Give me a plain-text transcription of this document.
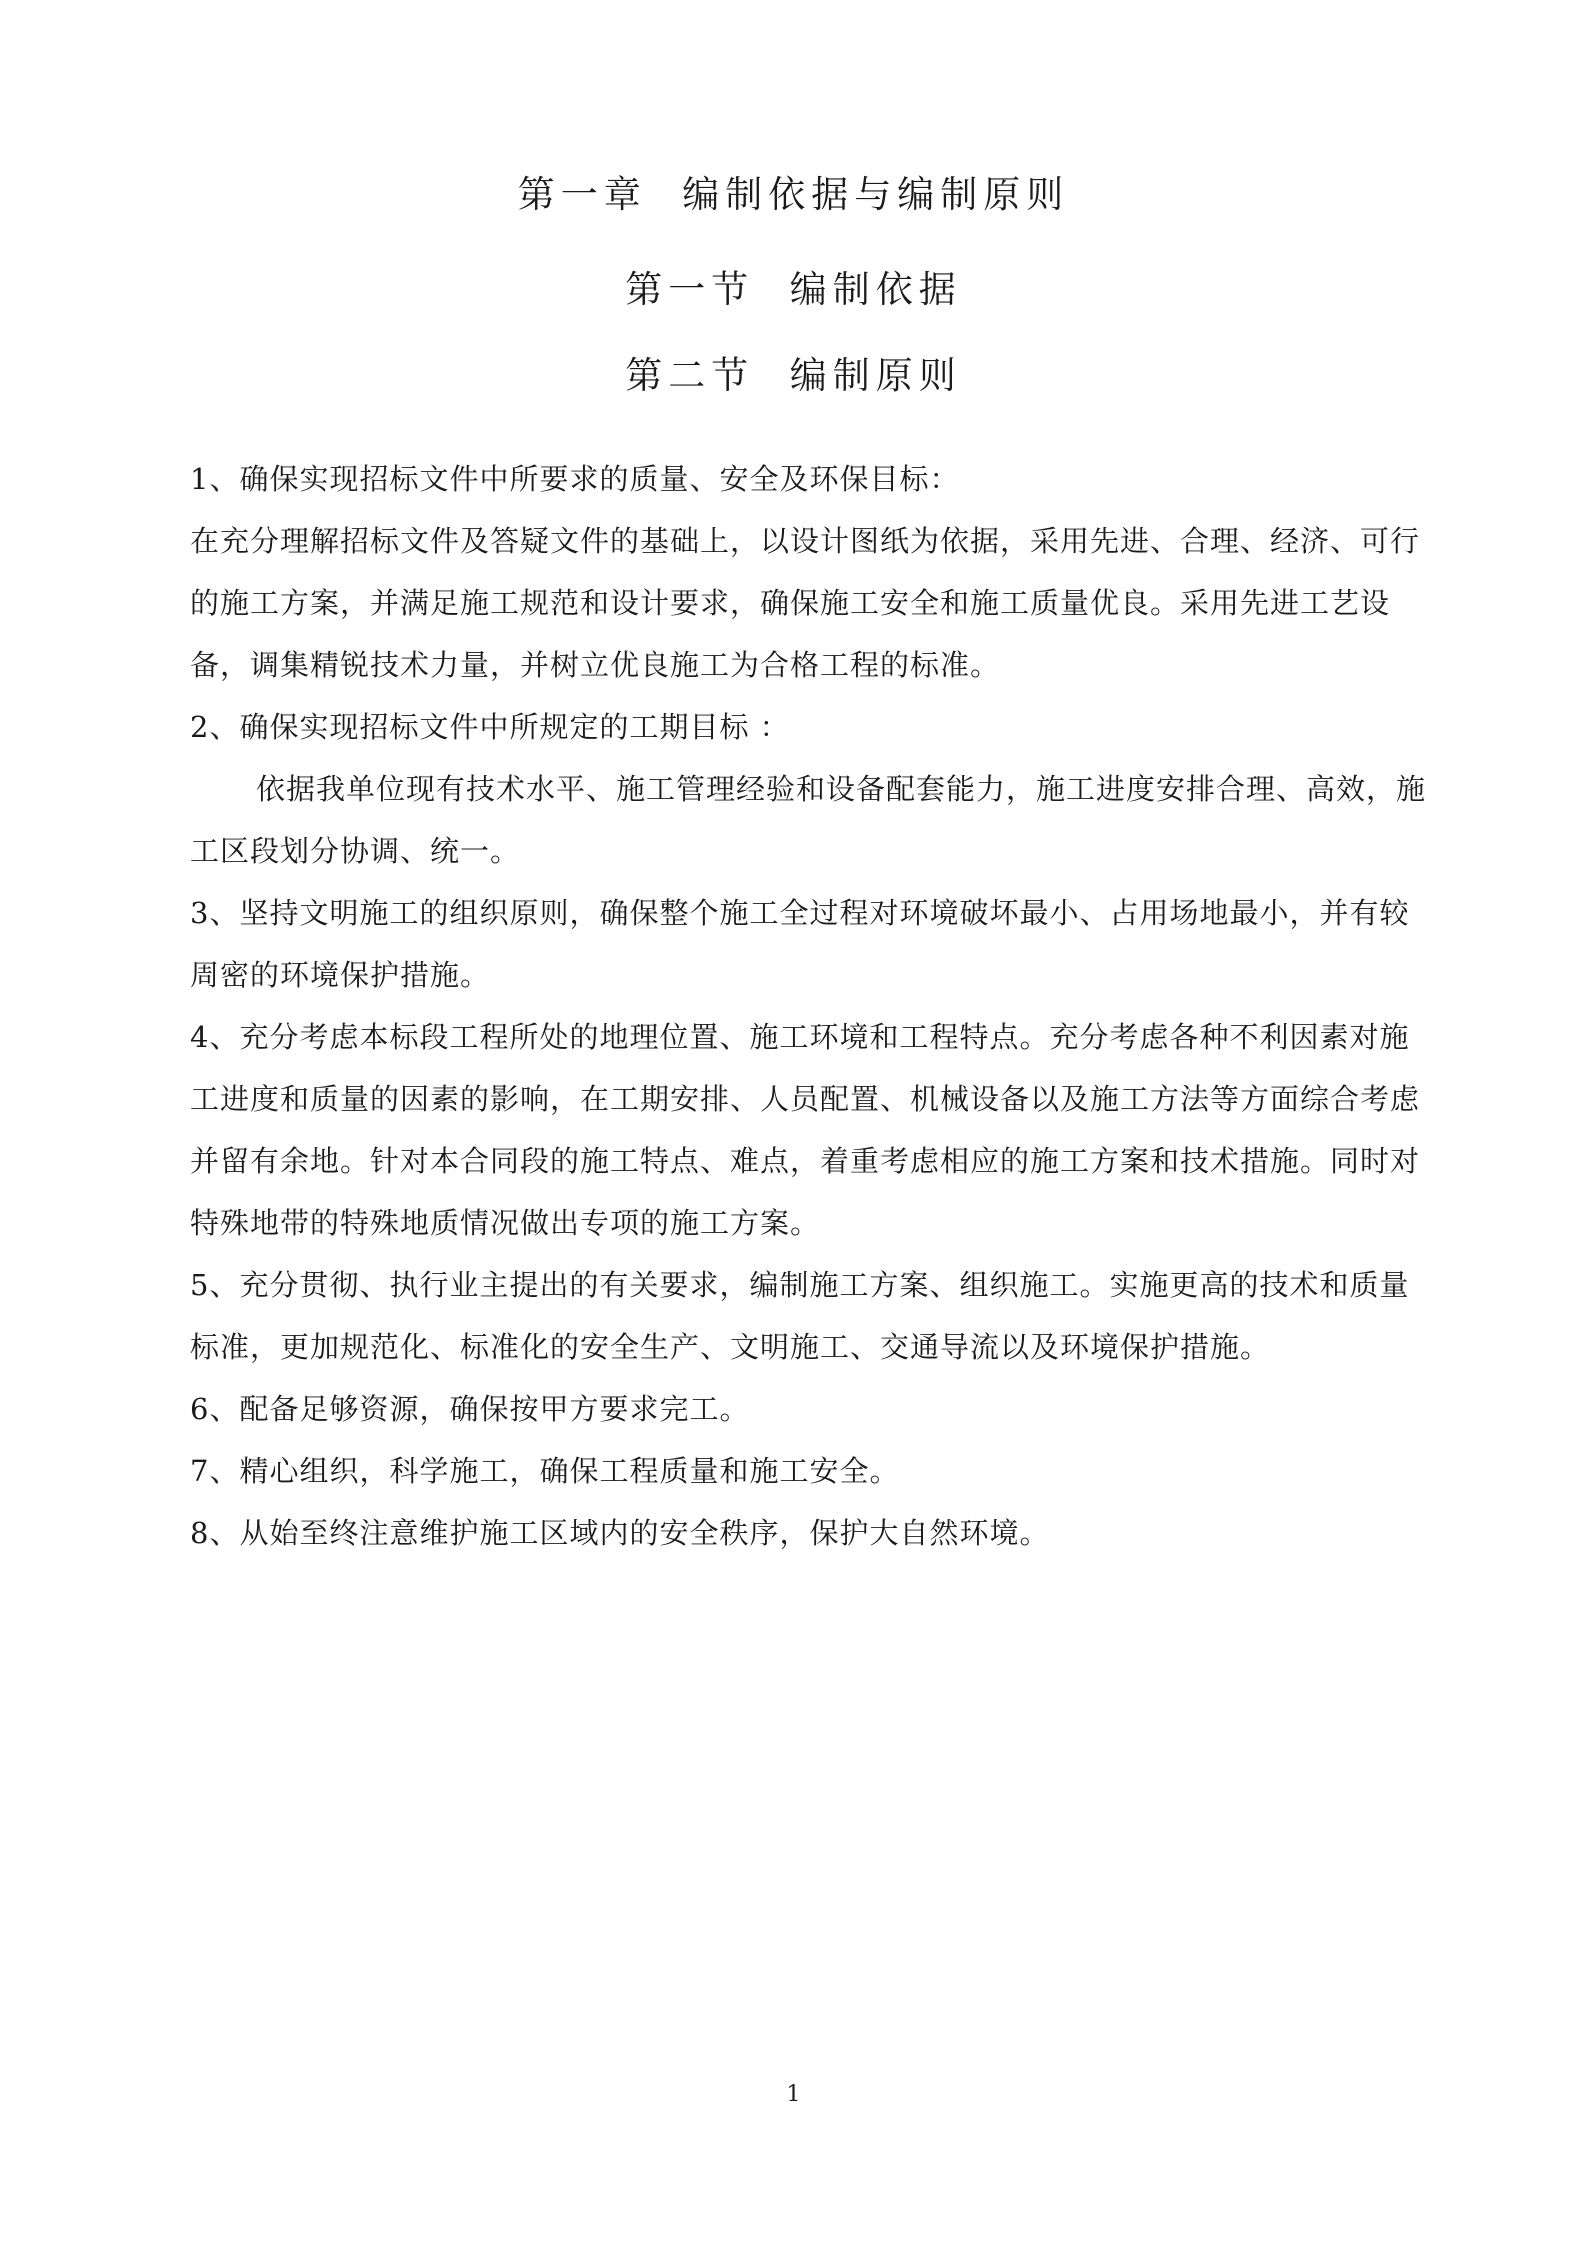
第一章  编制依据与编制原则
第一节  编制依据
第二节  编制原则

1、确保实现招标文件中所要求的质量、安全及环保目标：

在充分理解招标文件及答疑文件的基础上，以设计图纸为依据，采用先进、合理、经济、可行的施工方案，并满足施工规范和设计要求，确保施工安全和施工质量优良。采用先进工艺设备，调集精锐技术力量，并树立优良施工为合格工程的标准。

2、确保实现招标文件中所规定的工期目标 ：

依据我单位现有技术水平、施工管理经验和设备配套能力，施工进度安排合理、高效，施工区段划分协调、统一。

3、坚持文明施工的组织原则，确保整个施工全过程对环境破坏最小、占用场地最小，并有较周密的环境保护措施。

4、充分考虑本标段工程所处的地理位置、施工环境和工程特点。充分考虑各种不利因素对施工进度和质量的因素的影响，在工期安排、人员配置、机械设备以及施工方法等方面综合考虑并留有余地。针对本合同段的施工特点、难点，着重考虑相应的施工方案和技术措施。同时对特殊地带的特殊地质情况做出专项的施工方案。

5、充分贯彻、执行业主提出的有关要求，编制施工方案、组织施工。实施更高的技术和质量标准，更加规范化、标准化的安全生产、文明施工、交通导流以及环境保护措施。

6、配备足够资源，确保按甲方要求完工。

7、精心组织，科学施工，确保工程质量和施工安全。

8、从始至终注意维护施工区域内的安全秩序，保护大自然环境。

1
